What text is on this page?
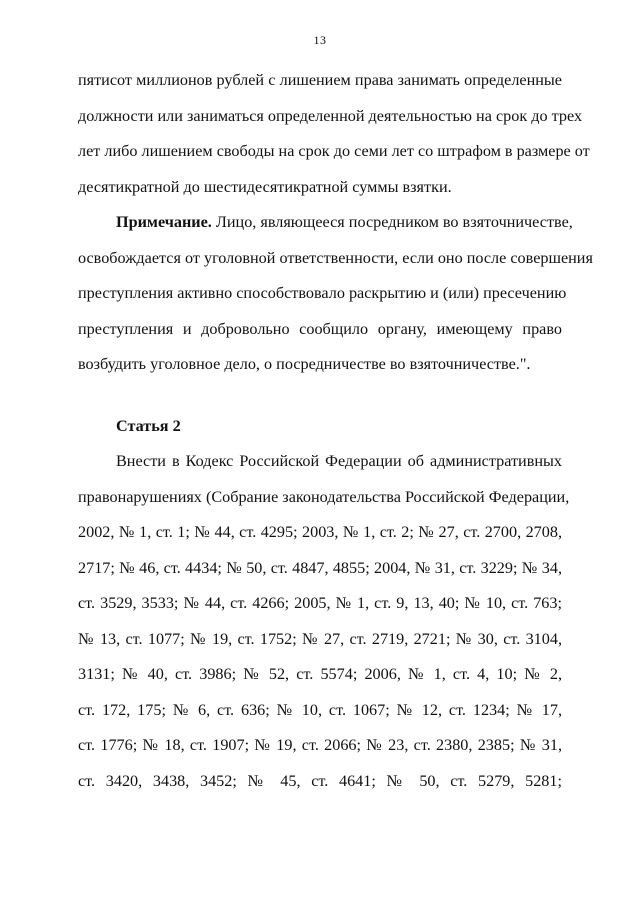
13
пятисот миллионов рублей с лишением права занимать определенные
должности или заниматься определенной деятельностью на срок до трех
лет либо лишением свободы на срок до семи лет со штрафом в размере от
десятикратной до шестидесятикратной суммы взятки.
Примечание. Лицо, являющееся посредником во взяточничестве,
освобождается от уголовной ответственности, если оно после совершения
преступления активно способствовало раскрытию и (или) пресечению
преступления и добровольно сообщило органу, имеющему право
возбудить уголовное дело, о посредничестве во взяточничестве.".
Статья 2
Внести в Кодекс Российской Федерации об административных
правонарушениях (Собрание законодательства Российской Федерации,
2002, № 1, ст. 1; № 44, ст. 4295; 2003, № 1, ст. 2; № 27, ст. 2700, 2708,
2717; № 46, ст. 4434; № 50, ст. 4847, 4855; 2004, № 31, ст. 3229; № 34,
ст. 3529, 3533; № 44, ст. 4266; 2005, № 1, ст. 9, 13, 40; № 10, ст. 763;
№ 13, ст. 1077; № 19, ст. 1752; № 27, ст. 2719, 2721; № 30, ст. 3104,
3131; № 40, ст. 3986; № 52, ст. 5574; 2006, № 1, ст. 4, 10; № 2,
ст. 172, 175; № 6, ст. 636; № 10, ст. 1067; № 12, ст. 1234; № 17,
ст. 1776; № 18, ст. 1907; № 19, ст. 2066; № 23, ст. 2380, 2385; № 31,
ст. 3420, 3438, 3452; № 45, ст. 4641; № 50, ст. 5279, 5281;
